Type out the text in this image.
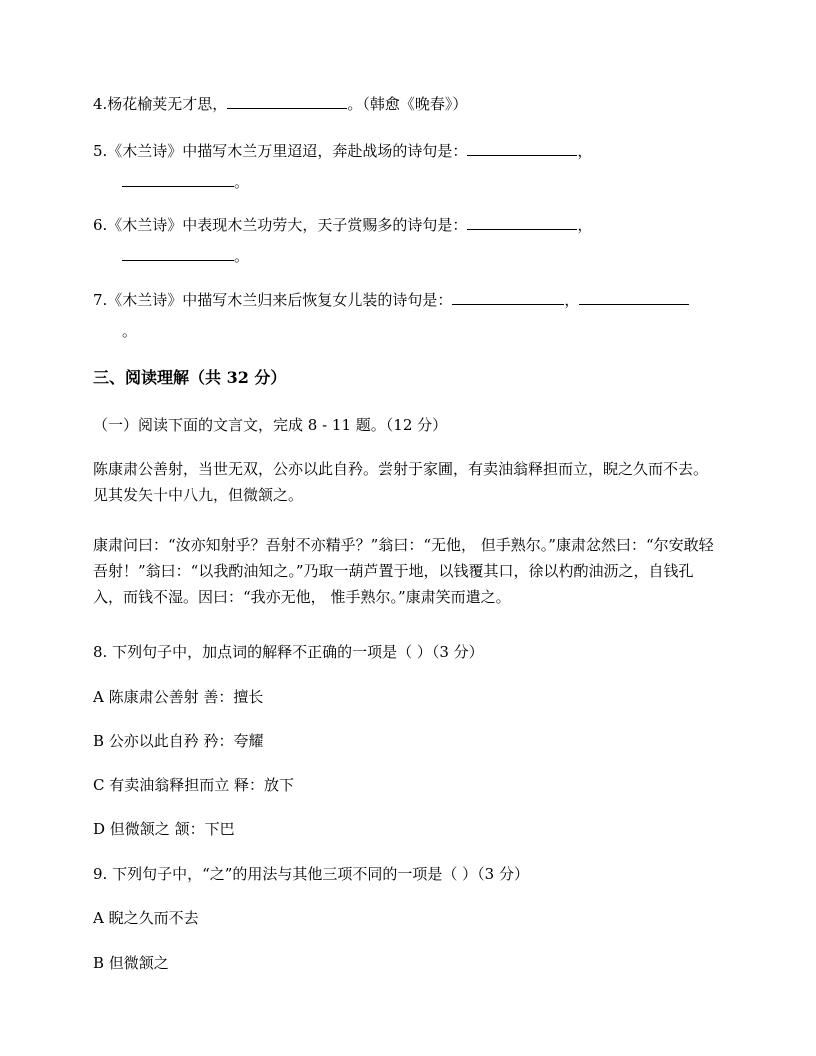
4.杨花榆荚无才思，	。（韩愈《晚春》）
5.《木兰诗》中描写木兰万里迢迢，奔赴战场的诗句是：	，
。
6.《木兰诗》中表现木兰功劳大，天子赏赐多的诗句是：	，
。
7.《木兰诗》中描写木兰归来后恢复女儿装的诗句是：	，
。
三、阅读理解（共 32 分）
（一）阅读下面的文言文，完成 8 - 11 题。（12 分）
陈康肃公善射，当世无双，公亦以此自矜。尝射于家圃，有卖油翁释担而立，睨之久而不去。见其发矢十中八九，但微颔之。
康肃问曰：“汝亦知射乎？吾射不亦精乎？”翁曰：“无他， 但手熟尔。”康肃忿然曰：“尔安敢轻吾射！”翁曰：“以我酌油知之。”乃取一葫芦置于地，以钱覆其口，徐以杓酌油沥之，自钱孔入，而钱不湿。因曰：“我亦无他， 惟手熟尔。”康肃笑而遣之。
8. 下列句子中，加点词的解释不正确的一项是（ ）（3 分）
A 陈康肃公善射 善：擅长
B 公亦以此自矜 矜：夸耀
C 有卖油翁释担而立 释：放下
D 但微颔之 颔：下巴
9. 下列句子中，“之”的用法与其他三项不同的一项是（ ）（3 分）
A 睨之久而不去
B 但微颔之
